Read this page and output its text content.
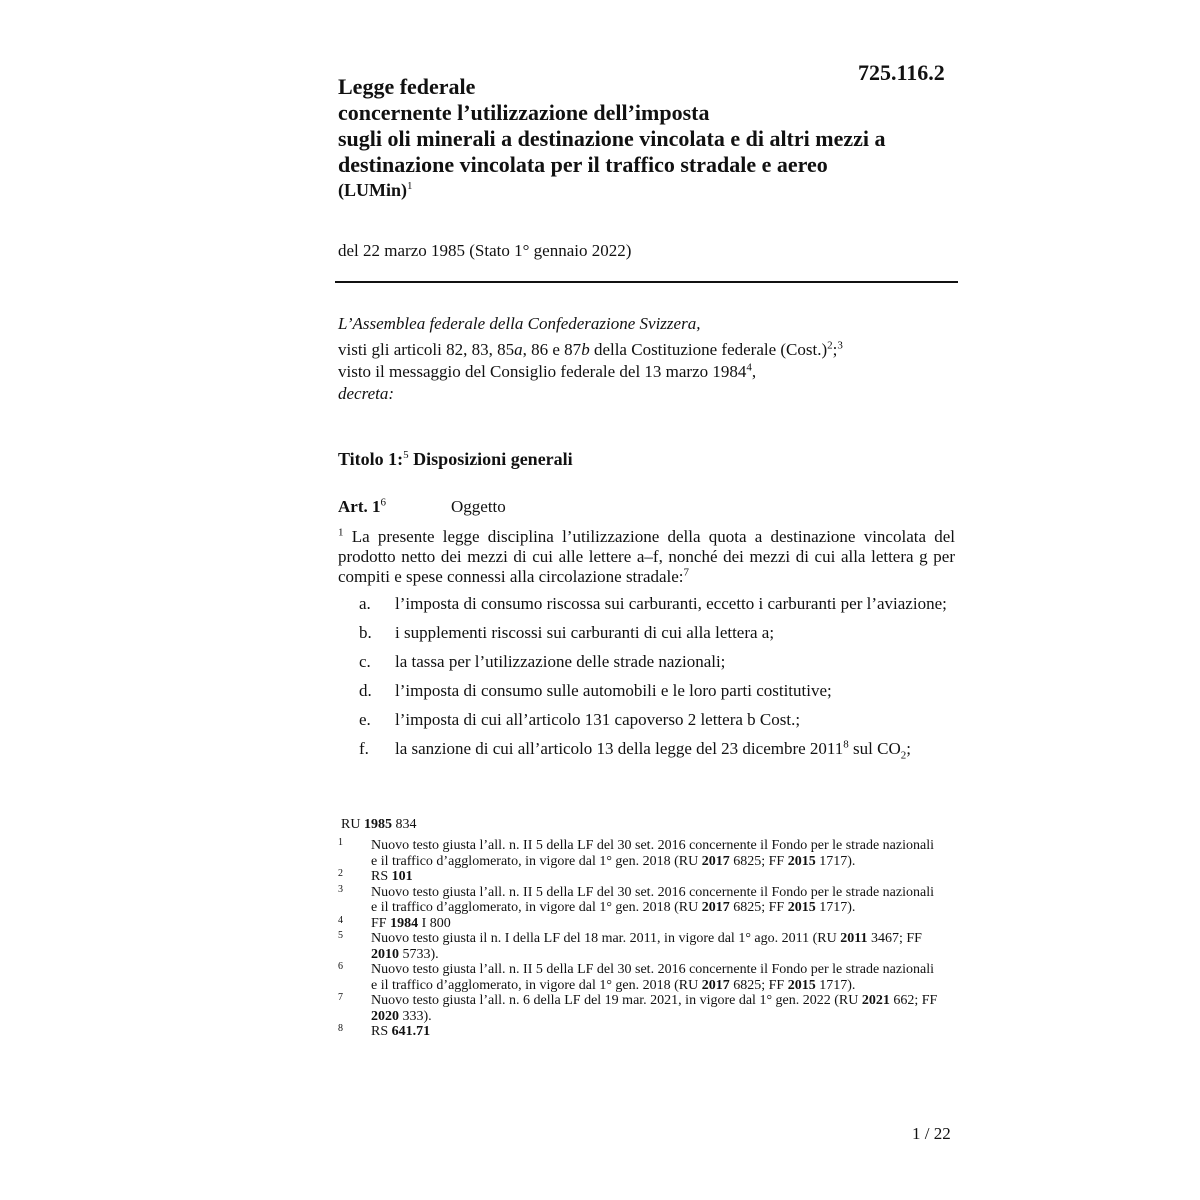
725.116.2
Legge federale
concernente l’utilizzazione dell’imposta
sugli oli minerali a destinazione vincolata e di altri mezzi a
destinazione vincolata per il traffico stradale e aereo
(LUMin)$^1$
del 22 marzo 1985 (Stato 1° gennaio 2022)
L’Assemblea federale della Confederazione Svizzera,
visti gli articoli 82, 83, 85a, 86 e 87b della Costituzione federale (Cost.)$^2$;$^3$
visto il messaggio del Consiglio federale del 13 marzo 1984$^4$,
decreta:
Titolo 1:$^5$ Disposizioni generali
Art. 1$^6$	Oggetto
$^1$ La presente legge disciplina l’utilizzazione della quota a destinazione vincolata del prodotto netto dei mezzi di cui alle lettere a–f, nonché dei mezzi di cui alla lettera g per compiti e spese connessi alla circolazione stradale:$^7$
a. l’imposta di consumo riscossa sui carburanti, eccetto i carburanti per l’aviazione;
b. i supplementi riscossi sui carburanti di cui alla lettera a;
c. la tassa per l’utilizzazione delle strade nazionali;
d. l’imposta di consumo sulle automobili e le loro parti costitutive;
e. l’imposta di cui all’articolo 131 capoverso 2 lettera b Cost.;
f. la sanzione di cui all’articolo 13 della legge del 23 dicembre 2011$^8$ sul $CO_2$;
RU 1985 834
1 Nuovo testo giusta l’all. n. II 5 della LF del 30 set. 2016 concernente il Fondo per le strade nazionali e il traffico d’agglomerato, in vigore dal 1° gen. 2018 (RU 2017 6825; FF 2015 1717).
2 RS 101
3 Nuovo testo giusta l’all. n. II 5 della LF del 30 set. 2016 concernente il Fondo per le strade nazionali e il traffico d’agglomerato, in vigore dal 1° gen. 2018 (RU 2017 6825; FF 2015 1717).
4 FF 1984 I 800
5 Nuovo testo giusta il n. I della LF del 18 mar. 2011, in vigore dal 1° ago. 2011 (RU 2011 3467; FF 2010 5733).
6 Nuovo testo giusta l’all. n. II 5 della LF del 30 set. 2016 concernente il Fondo per le strade nazionali e il traffico d’agglomerato, in vigore dal 1° gen. 2018 (RU 2017 6825; FF 2015 1717).
7 Nuovo testo giusta l’all. n. 6 della LF del 19 mar. 2021, in vigore dal 1° gen. 2022 (RU 2021 662; FF 2020 333).
8 RS 641.71
1 / 22
